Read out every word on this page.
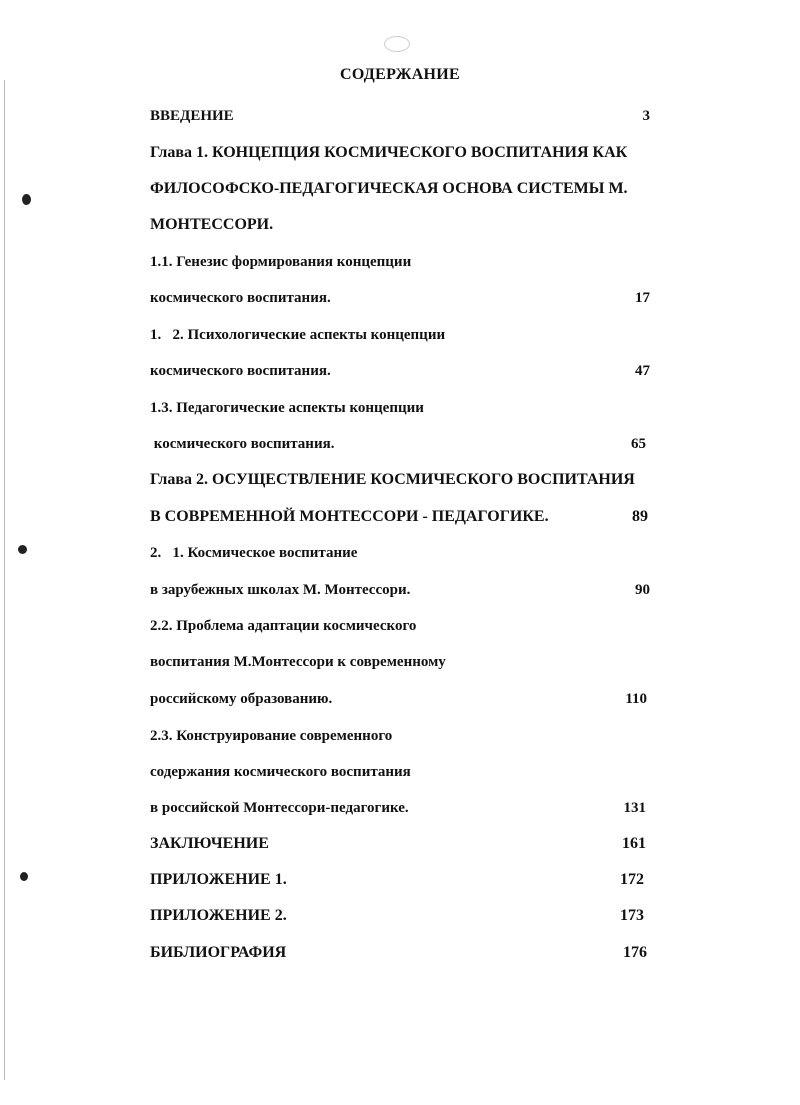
СОДЕРЖАНИЕ
ВВЕДЕНИЕ	3
Глава 1. КОНЦЕПЦИЯ КОСМИЧЕСКОГО ВОСПИТАНИЯ КАК
ФИЛОСОФСКО-ПЕДАГОГИЧЕСКАЯ ОСНОВА СИСТЕМЫ М.
МОНТЕССОРИ.
1.1. Генезис формирования концепции
космического воспитания.	17
1.   2. Психологические аспекты концепции
космического воспитания.	47
1.3. Педагогические аспекты концепции
космического воспитания.	65
Глава 2. ОСУЩЕСТВЛЕНИЕ КОСМИЧЕСКОГО ВОСПИТАНИЯ
В СОВРЕМЕННОЙ МОНТЕССОРИ - ПЕДАГОГИКЕ.	89
2.   1. Космическое воспитание
в зарубежных школах М. Монтессори.	90
2.2. Проблема адаптации космического
воспитания М.Монтессори к современному
российскому образованию.	110
2.3. Конструирование современного
содержания космического воспитания
в российской Монтессори-педагогике.	131
ЗАКЛЮЧЕНИЕ	161
ПРИЛОЖЕНИЕ 1.	172
ПРИЛОЖЕНИЕ 2.	173
БИБЛИОГРАФИЯ	176
